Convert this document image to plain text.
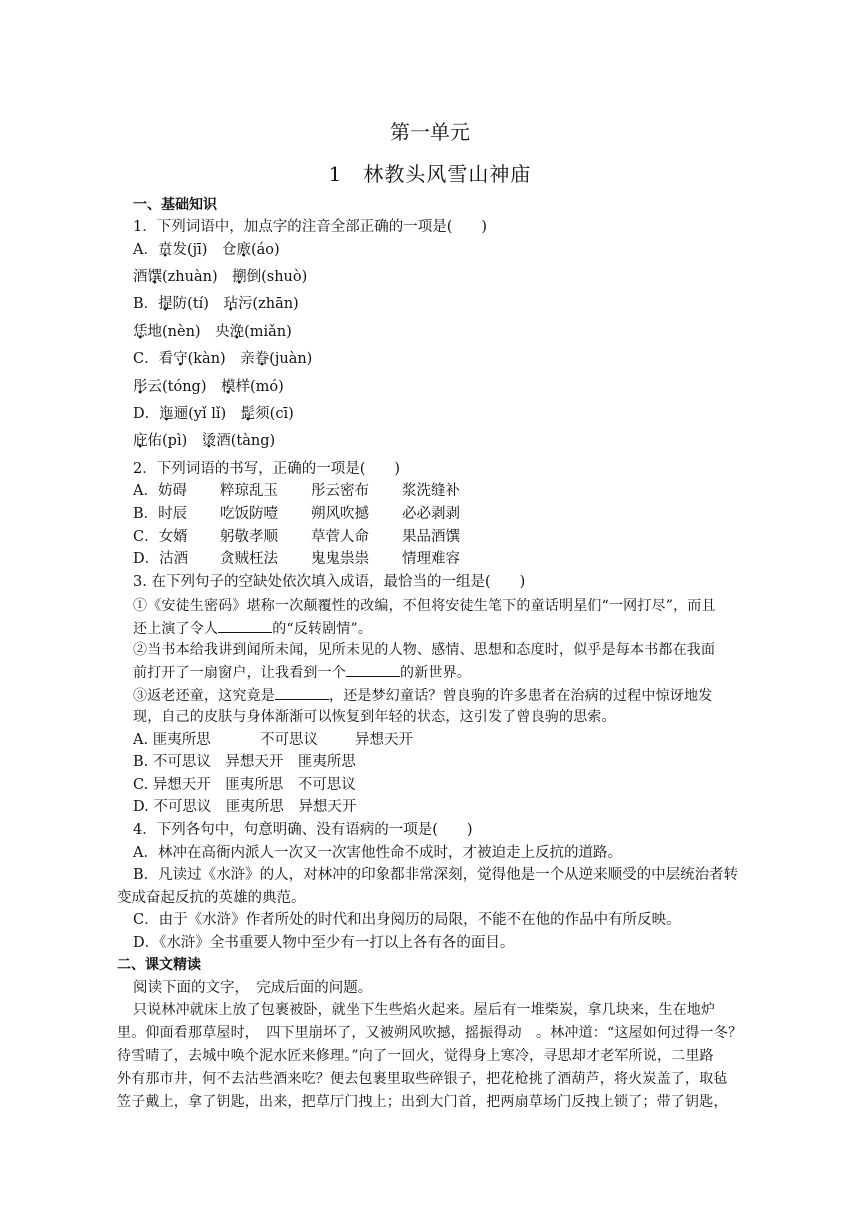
第一单元
1　林教头风雪山神庙
一、基础知识
1．下列词语中，加点字的注音全部正确的一项是(　　)
A．贲发(jī)　仓廒(áo)
酒馔(zhuàn)　搠倒(shuò)
B．提防(tí)　玷污(zhān)
恁地(nèn)　央浼(miǎn)
C．看守(kàn)　亲眷(juàn)
彤云(tóng)　模样(mó)
D．迤逦(yǐ lǐ)　髭须(cī)
庇佑(pì)　烫酒(tàng)
2．下列词语的书写，正确的一项是(　　)
A．妨碍 粹琼乱玉 彤云密布 浆洗缝补
B．时辰 吃饭防噎 朔风吹撼 必必剥剥
C．女婿 躬敬孝顺 草菅人命 果品酒馔
D．沽酒 贪贼枉法 鬼鬼祟祟 情理难容
3. 在下列句子的空缺处依次填入成语，最恰当的一组是(　　)
①《安徒生密码》堪称一次颠覆性的改编，不但将安徒生笔下的童话明星们“一网打尽”，而且
还上演了令人	的“反转剧情”。
②当书本给我讲到闻所未闻，见所未见的人物、感情、思想和态度时，似乎是每本书都在我面
前打开了一扇窗户，让我看到一个	的新世界。
③返老还童，这究竟是	，还是梦幻童话？曾良驹的许多患者在治病的过程中惊讶地发
现，自己的皮肤与身体渐渐可以恢复到年轻的状态，这引发了曾良驹的思索。
A. 匪夷所思	不可思议	异想天开
B. 不可思议　异想天开　匪夷所思
C. 异想天开　匪夷所思　不可思议
D. 不可思议　匪夷所思　异想天开
4．下列各句中，句意明确、没有语病的一项是(　　)
A．林冲在高衙内派人一次又一次害他性命不成时，才被迫走上反抗的道路。
B．凡读过《水浒》的人，对林冲的印象都非常深刻，觉得他是一个从逆来顺受的中层统治者转
变成奋起反抗的英雄的典范。
C．由于《水浒》作者所处的时代和出身阅历的局限，不能不在他的作品中有所反映。
D．《水浒》全书重要人物中至少有一打以上各有各的面目。
二、课文精读
阅读下面的文字，　完成后面的问题。
只说林冲就床上放了包裹被卧，就坐下生些焰火起来。屋后有一堆柴炭，拿几块来，生在地炉
里。仰面看那草屋时，　四下里崩坏了，又被朔风吹撼，摇振得动　。林冲道：“这屋如何过得一冬？
待雪晴了，去城中唤个泥水匠来修理。”向了一回火，觉得身上寒冷，寻思却才老军所说，二里路
外有那市井，何不去沽些酒来吃？便去包裹里取些碎银子，把花枪挑了酒葫芦，将火炭盖了，取毡
笠子戴上，拿了钥匙，出来，把草厅门拽上；出到大门首，把两扇草场门反拽上锁了；带了钥匙，
